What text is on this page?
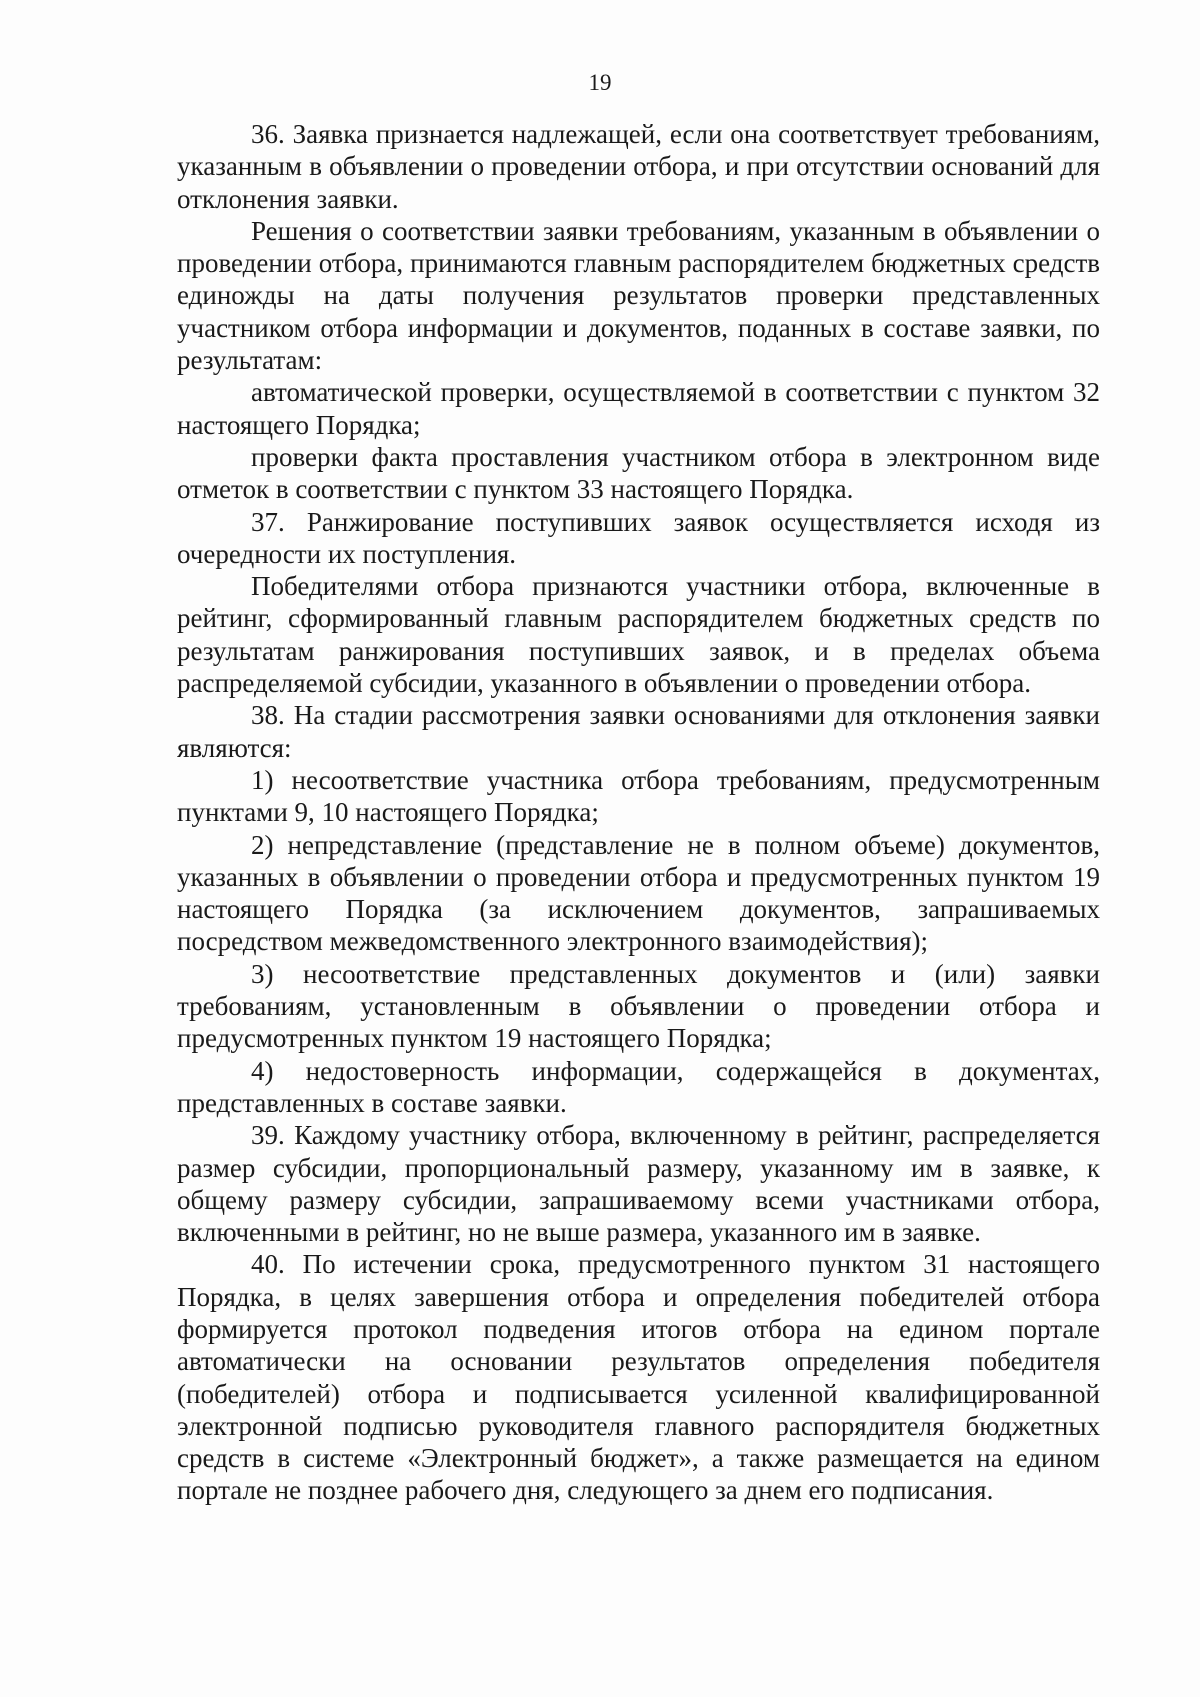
19

36. Заявка признается надлежащей, если она соответствует требованиям, указанным в объявлении о проведении отбора, и при отсутствии оснований для отклонения заявки.

Решения о соответствии заявки требованиям, указанным в объявлении о проведении отбора, принимаются главным распорядителем бюджетных средств единожды на даты получения результатов проверки представленных участником отбора информации и документов, поданных в составе заявки, по результатам:

автоматической проверки, осуществляемой в соответствии с пунктом 32 настоящего Порядка;

проверки факта проставления участником отбора в электронном виде отметок в соответствии с пунктом 33 настоящего Порядка.

37. Ранжирование поступивших заявок осуществляется исходя из очередности их поступления.

Победителями отбора признаются участники отбора, включенные в рейтинг, сформированный главным распорядителем бюджетных средств по результатам ранжирования поступивших заявок, и в пределах объема распределяемой субсидии, указанного в объявлении о проведении отбора.

38. На стадии рассмотрения заявки основаниями для отклонения заявки являются:

1) несоответствие участника отбора требованиям, предусмотренным пунктами 9, 10 настоящего Порядка;

2) непредставление (представление не в полном объеме) документов, указанных в объявлении о проведении отбора и предусмотренных пунктом 19 настоящего Порядка (за исключением документов, запрашиваемых посредством межведомственного электронного взаимодействия);

3) несоответствие представленных документов и (или) заявки требованиям, установленным в объявлении о проведении отбора и предусмотренных пунктом 19 настоящего Порядка;

4) недостоверность информации, содержащейся в документах, представленных в составе заявки.

39. Каждому участнику отбора, включенному в рейтинг, распределяется размер субсидии, пропорциональный размеру, указанному им в заявке, к общему размеру субсидии, запрашиваемому всеми участниками отбора, включенными в рейтинг, но не выше размера, указанного им в заявке.

40. По истечении срока, предусмотренного пунктом 31 настоящего Порядка, в целях завершения отбора и определения победителей отбора формируется протокол подведения итогов отбора на едином портале автоматически на основании результатов определения победителя (победителей) отбора и подписывается усиленной квалифицированной электронной подписью руководителя главного распорядителя бюджетных средств в системе «Электронный бюджет», а также размещается на едином портале не позднее рабочего дня, следующего за днем его подписания.
